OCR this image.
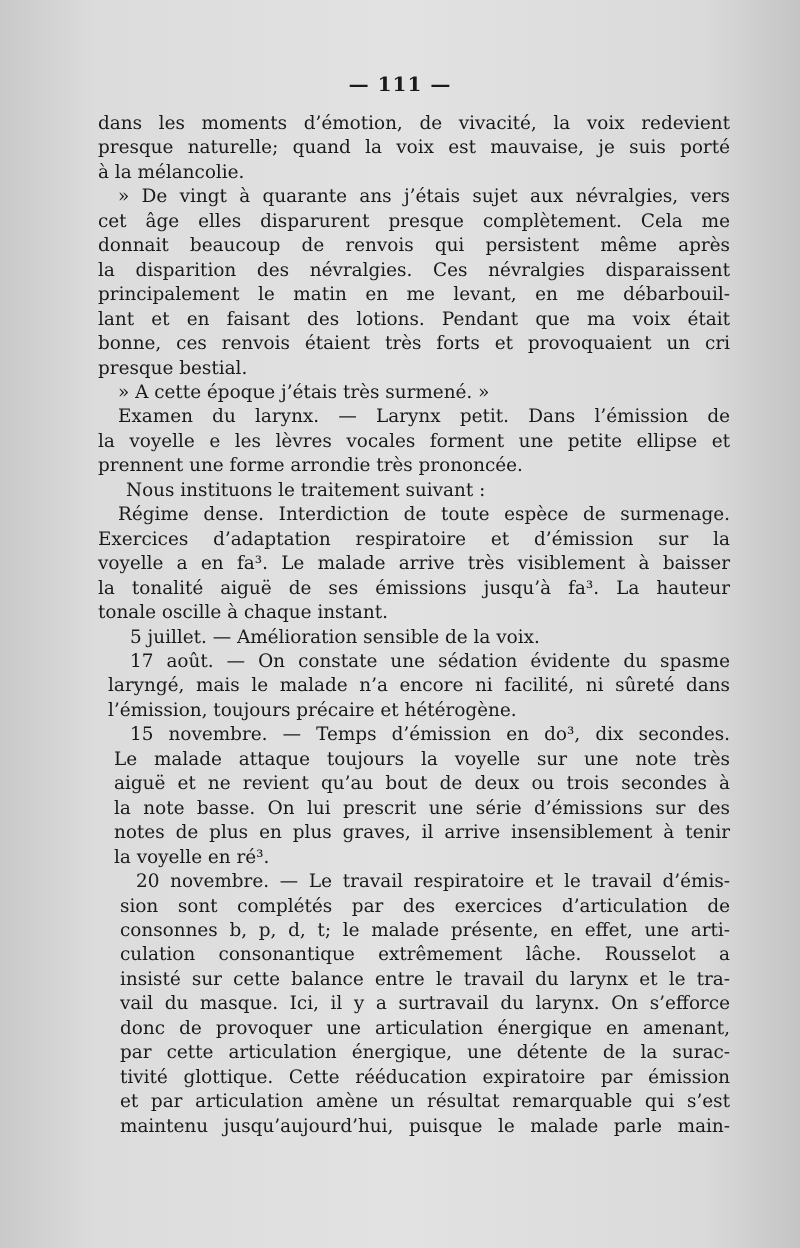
— 111 —
dans les moments d’émotion, de vivacité, la voix redevient
presque naturelle; quand la voix est mauvaise, je suis porté
à la mélancolie.
» De vingt à quarante ans j’étais sujet aux névralgies, vers
cet âge elles disparurent presque complètement. Cela me
donnait beaucoup de renvois qui persistent même après
la disparition des névralgies. Ces névralgies disparaissent
principalement le matin en me levant, en me débarbouil-
lant et en faisant des lotions. Pendant que ma voix était
bonne, ces renvois étaient très forts et provoquaient un cri
presque bestial.
» A cette époque j’étais très surmené. »
Examen du larynx. — Larynx petit. Dans l’émission de
la voyelle e les lèvres vocales forment une petite ellipse et
prennent une forme arrondie très prononcée.
Nous instituons le traitement suivant :
Régime dense. Interdiction de toute espèce de surmenage.
Exercices d’adaptation respiratoire et d’émission sur la
voyelle a en fa³. Le malade arrive très visiblement à baisser
la tonalité aiguë de ses émissions jusqu’à fa³. La hauteur
tonale oscille à chaque instant.
5 juillet. — Amélioration sensible de la voix.
17 août. — On constate une sédation évidente du spasme
laryngé, mais le malade n’a encore ni facilité, ni sûreté dans
l’émission, toujours précaire et hétérogène.
15 novembre. — Temps d’émission en do³, dix secondes.
Le malade attaque toujours la voyelle sur une note très
aiguë et ne revient qu’au bout de deux ou trois secondes à
la note basse. On lui prescrit une série d’émissions sur des
notes de plus en plus graves, il arrive insensiblement à tenir
la voyelle en ré³.
20 novembre. — Le travail respiratoire et le travail d’émis-
sion sont complétés par des exercices d’articulation de
consonnes b, p, d, t; le malade présente, en effet, une arti-
culation consonantique extrêmement lâche. Rousselot a
insisté sur cette balance entre le travail du larynx et le tra-
vail du masque. Ici, il y a surtravail du larynx. On s’efforce
donc de provoquer une articulation énergique en amenant,
par cette articulation énergique, une détente de la surac-
tivité glottique. Cette rééducation expiratoire par émission
et par articulation amène un résultat remarquable qui s’est
maintenu jusqu’aujourd’hui, puisque le malade parle main-
